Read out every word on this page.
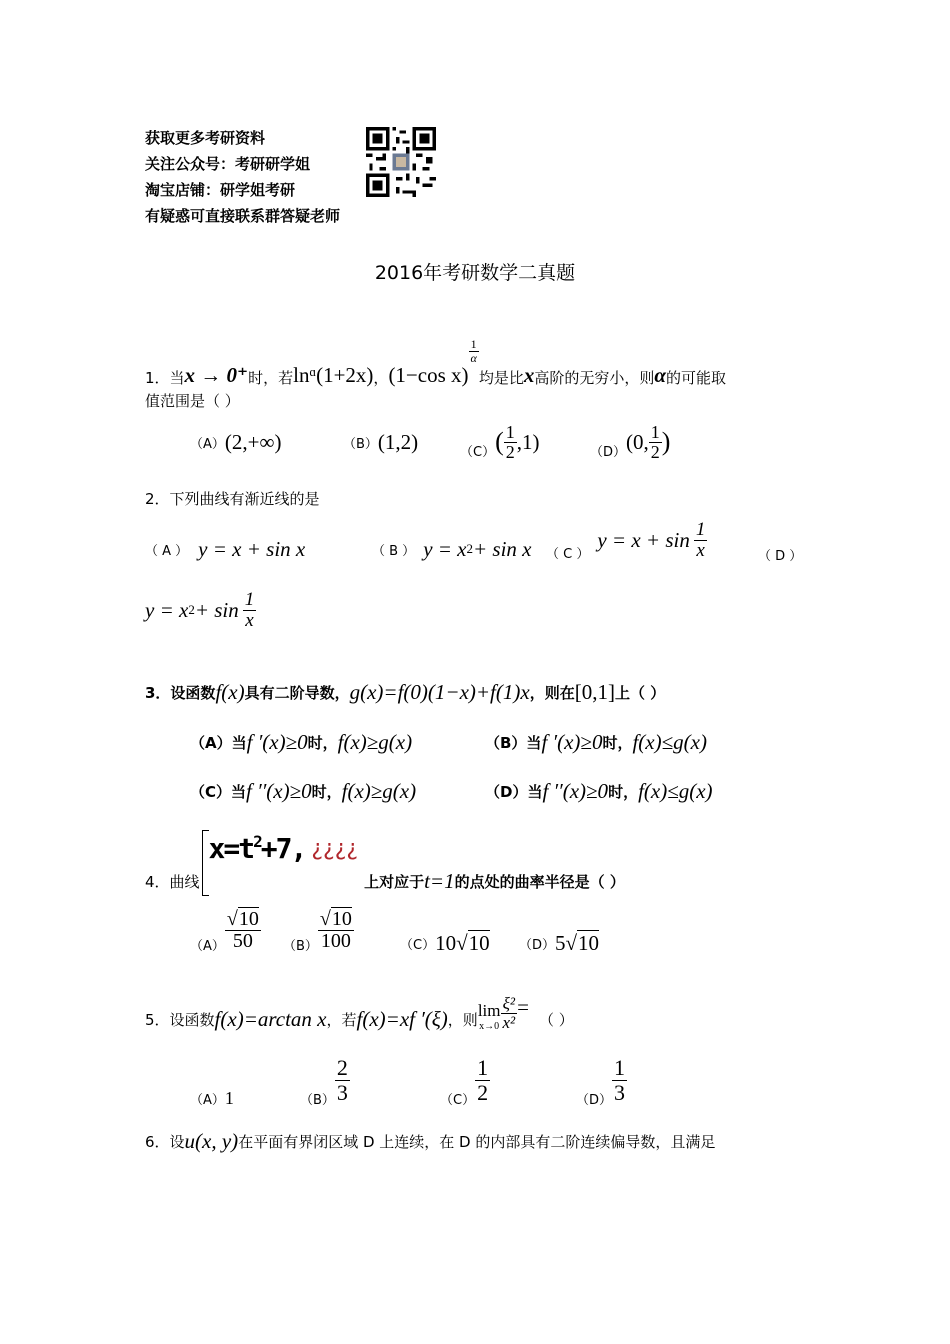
获取更多考研资料
关注公众号：考研研学姐
淘宝店铺：研学姐考研
有疑惑可直接联系群答疑老师
2016年考研数学二真题
1．当 x → 0⁺ 时，若 lnᵅ(1+2x) ， (1−cos x)
$\frac{1}{\alpha}$
均是比 x 高阶的无穷小，则 α 的可能取
值范围是（ ）
（A） (2,+∞)	（B） (1,2)	（C） ( $\frac{1}{2} ,1$)	（D） (0, $\frac{1}{2}$ )
2．下列曲线有渐近线的是
（ A ） y = x + sin x	（ B ） y = x 2 + sin x （ C ）
$y = x + \sin \frac{1}{x}$	（ D ）
y = x $2 + \sin \frac{1}{x}$
3．设函数 f(x) 具有二阶导数， g(x)=f(0)(1−x)+f(1)x ，则在 [0,1] 上（ ）
（A）当 f ′(x)≥0 时， f(x)≥g(x)	（B）当 f ′(x)≥0 时， f(x)≤g(x)
（C）当 f ′′(x)≥0 时， f(x)≥g(x)	（D）当 f ′′(x)≥0 时， f(x)≤g(x)
4．曲线
x=t 2 +7, ¿¿¿¿
上对应于 t=1 的点处的曲率半径是（ ）
$(A) \frac{√10}{50} (B) \frac{√10}{100}$	（C） 10 √ 10 （D） 5 √ 10
5．设函数 f(x)=arctan x ，若 f(x)=xf ′(ξ) ，则 lim
$x\to 0 \frac{\text{ξ²}}{\text{x²}}$ =
（ ）
（A） 1	$(B) \frac{2}{3}$	$(C) \frac{1}{2}$	$(D) \frac{1}{3}$
6．设 u(x, y) 在平面有界闭区域 D 上连续，在 D 的内部具有二阶连续偏导数，且满足
